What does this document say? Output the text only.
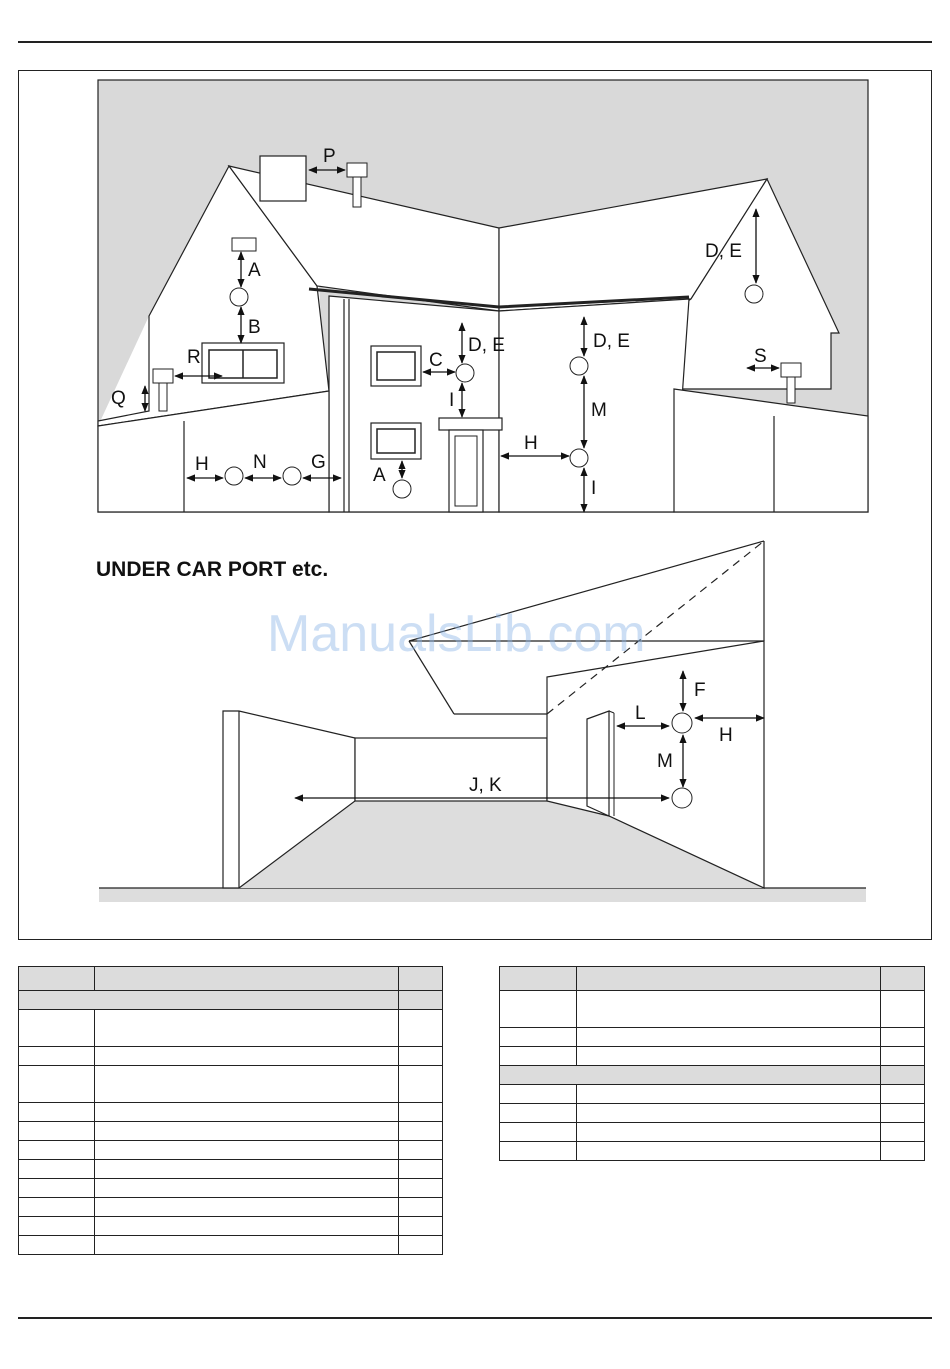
P
A
B
R
Q
C
D, E
I
D, E
M
H
I
D, E
S
H N G
A
UNDER CAR PORT etc.
F
L
H
M
J, K
ManualsLib.com
